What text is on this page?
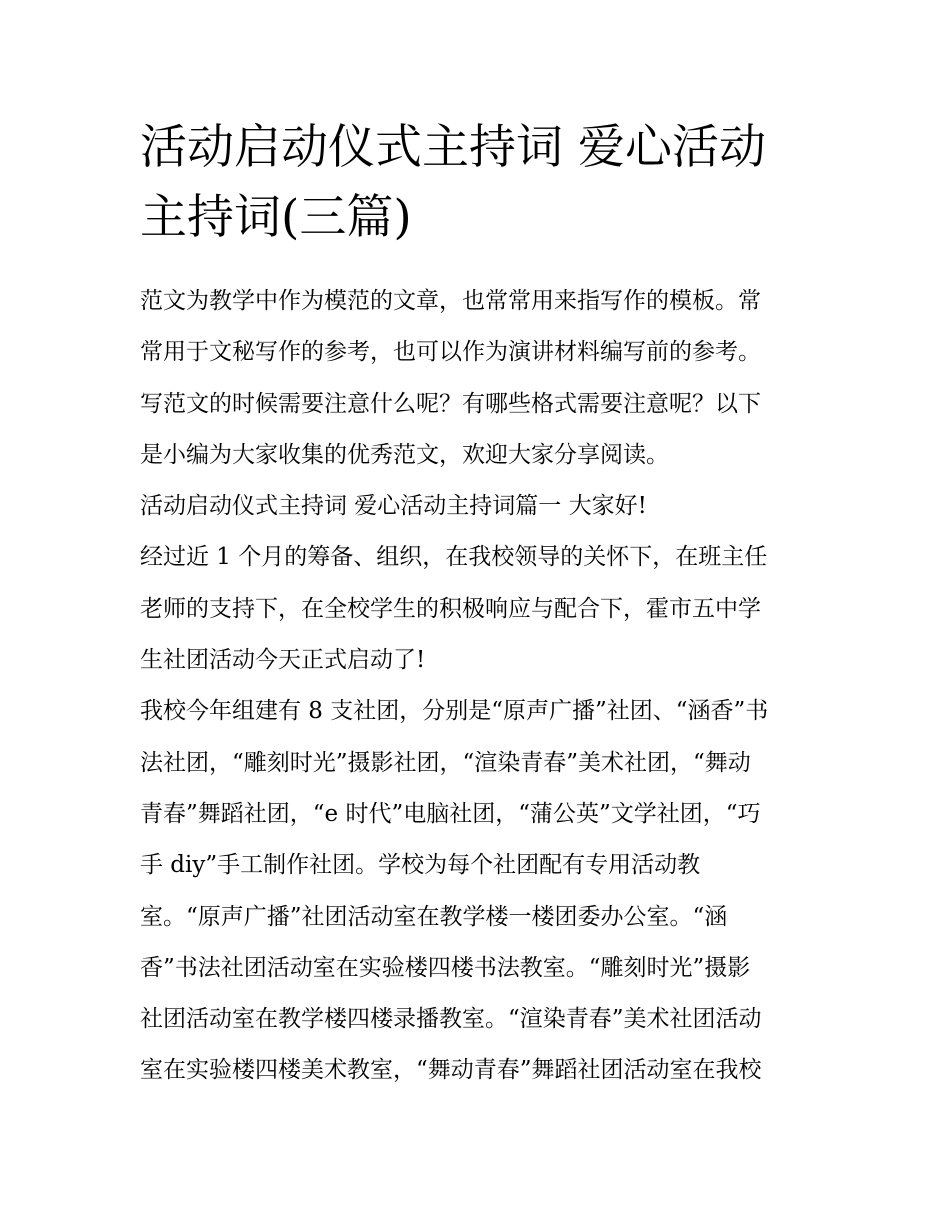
活动启动仪式主持词 爱心活动
主持词(三篇)
范文为教学中作为模范的文章，也常常用来指写作的模板。常
常用于文秘写作的参考，也可以作为演讲材料编写前的参考。
写范文的时候需要注意什么呢？有哪些格式需要注意呢？以下
是小编为大家收集的优秀范文，欢迎大家分享阅读。
活动启动仪式主持词 爱心活动主持词篇一 大家好!
经过近 1 个月的筹备、组织，在我校领导的关怀下，在班主任
老师的支持下，在全校学生的积极响应与配合下，霍市五中学
生社团活动今天正式启动了!
我校今年组建有 8 支社团，分别是“原声广播”社团、“涵香”书
法社团，“雕刻时光”摄影社团，“渲染青春”美术社团，“舞动
青春”舞蹈社团，“e 时代”电脑社团，“蒲公英”文学社团，“巧
手 diy”手工制作社团。学校为每个社团配有专用活动教
室。“原声广播”社团活动室在教学楼一楼团委办公室。“涵
香”书法社团活动室在实验楼四楼书法教室。“雕刻时光”摄影
社团活动室在教学楼四楼录播教室。“渲染青春”美术社团活动
室在实验楼四楼美术教室，“舞动青春”舞蹈社团活动室在我校
